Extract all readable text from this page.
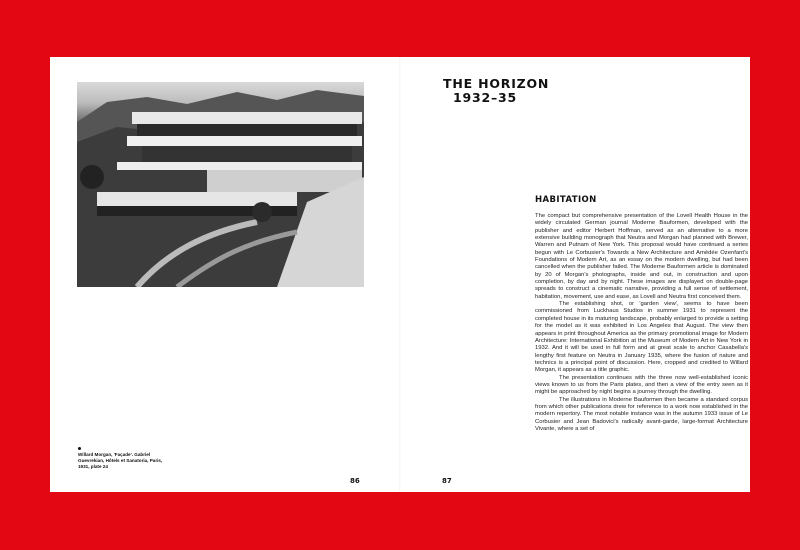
Willard Morgan, 'Façade'. Gabriel Guevrekian, Hôtels et Sanatoria, Paris, 1931, plate 24
86
THE HORIZON
1932–35
HABITATION

The compact but comprehensive presentation of the Lovell Health House in the widely circulated German journal Moderne Bauformen, developed with the publisher and editor Herbert Hoffman, served as an alternative to a more extensive building monograph that Neutra and Morgan had planned with Brewer, Warren and Putnam of New York. This proposal would have continued a series begun with Le Corbusier's Towards a New Architecture and Amédée Ozenfant's Foundations of Modern Art, as an essay on the modern dwelling, but had been cancelled when the publisher failed. The Moderne Bauformen article is dominated by 20 of Morgan's photographs, inside and out, in construction and upon completion, by day and by night. These images are displayed on double-page spreads to construct a cinematic narrative, providing a full sense of settlement, habitation, movement, use and ease, as Lovell and Neutra first conceived them.

The establishing shot, or 'garden view', seems to have been commissioned from Luckhaus Studios in summer 1931 to represent the completed house in its maturing landscape, probably enlarged to provide a setting for the model as it was exhibited in Los Angeles that August. The view then appears in print throughout America as the primary promotional image for Modern Architecture: International Exhibition at the Museum of Modern Art in New York in 1932. And it will be used in full form and at great scale to anchor Casabella's lengthy first feature on Neutra in January 1935, where the fusion of nature and technics is a principal point of discussion. Here, cropped and credited to Willard Morgan, it appears as a title graphic.

The presentation continues with the three now well-established iconic views known to us from the Paris plates, and then a view of the entry seen as it might be approached by night begins a journey through the dwelling.

The illustrations in Moderne Bauformen then became a standard corpus from which other publications drew for reference to a work now established in the modern repertory. The most notable instance was in the autumn 1933 issue of Le Corbusier and Jean Badovici's radically avant-garde, large-format Architecture Vivante, where a set of

87
